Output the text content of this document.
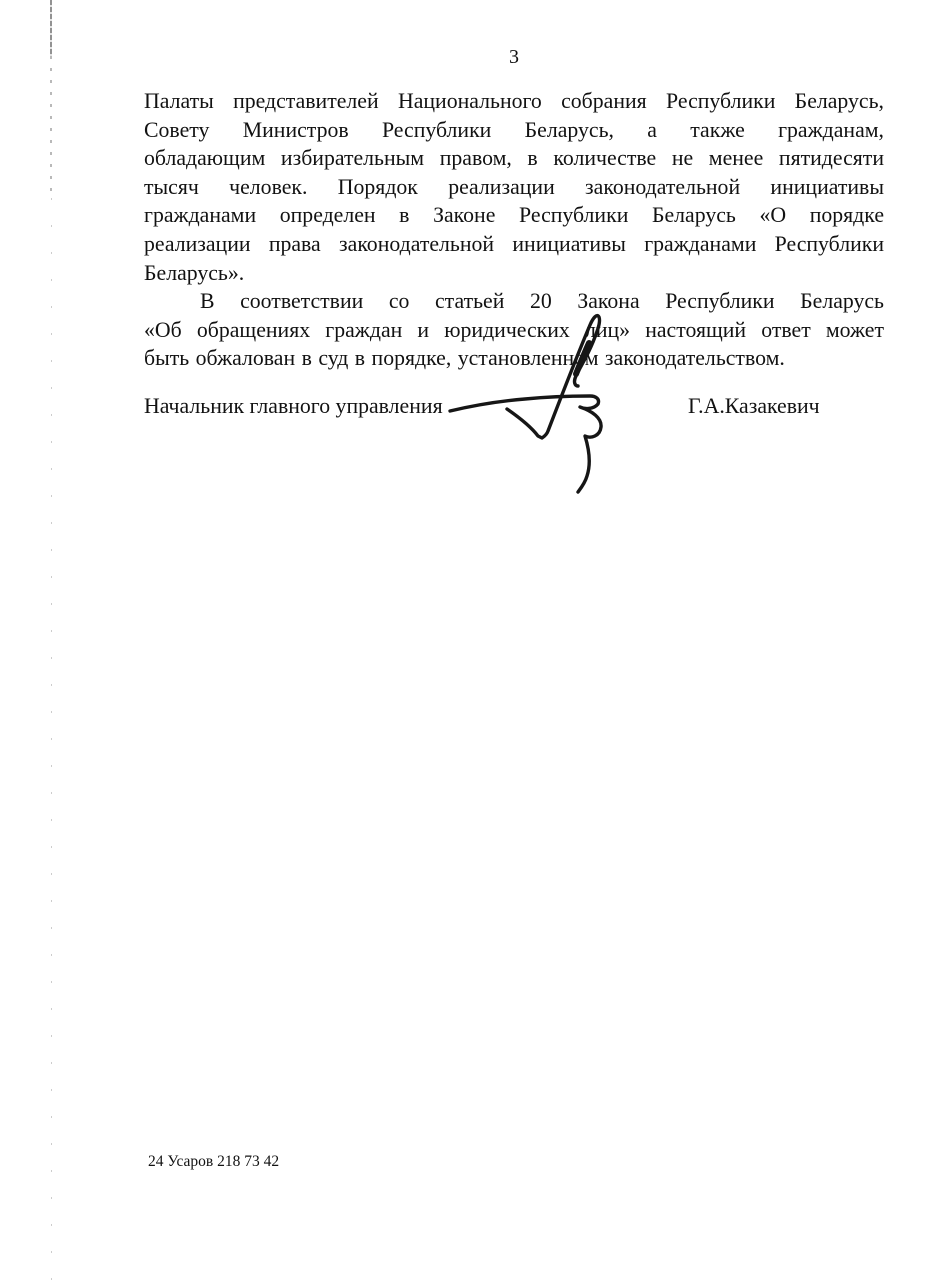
3
Палаты представителей Национального собрания Республики Беларусь,
Совету Министров Республики Беларусь, а также гражданам,
обладающим избирательным правом, в количестве не менее пятидесяти
тысяч человек. Порядок реализации законодательной инициативы
гражданами определен в Законе Республики Беларусь «О порядке
реализации права законодательной инициативы гражданами Республики
Беларусь».
В соответствии со статьей 20 Закона Республики Беларусь
«Об обращениях граждан и юридических лиц» настоящий ответ может
быть обжалован в суд в порядке, установленном законодательством.
Начальник главного управления	Г.А.Казакевич
24 Усаров 218 73 42
